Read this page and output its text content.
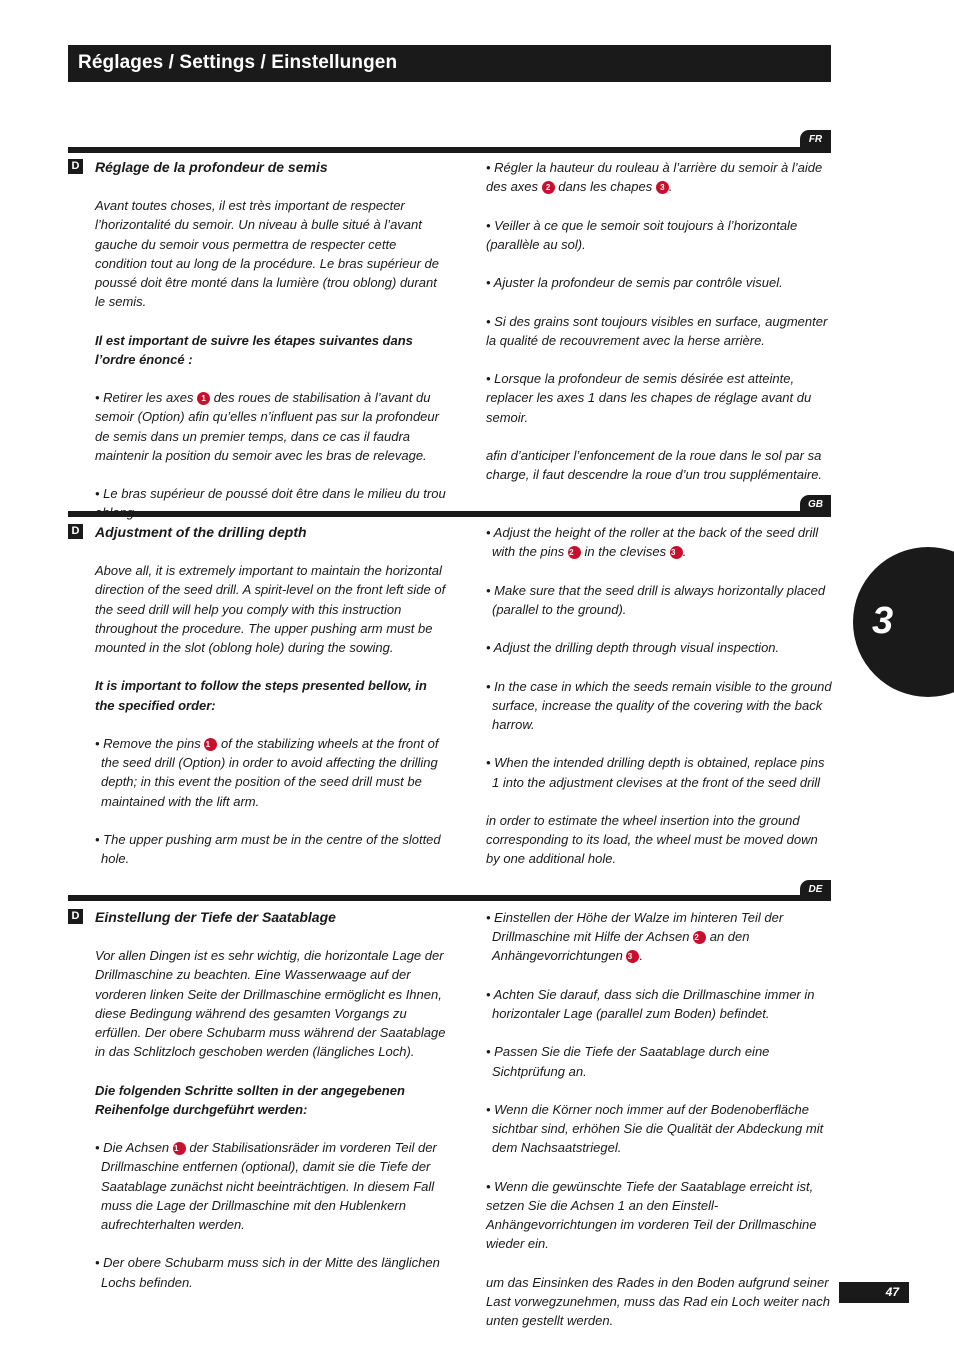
Réglages / Settings / Einstellungen
FR
D Réglage de la profondeur de semis

Avant toutes choses, il est très important de respecter l’horizontalité du semoir. Un niveau à bulle situé à l’avant gauche du semoir vous permettra de respecter cette condition tout au long de la procédure. Le bras supérieur de poussé doit être monté dans la lumière (trou oblong) durant le semis.

Il est important de suivre les étapes suivantes dans l’ordre énoncé :

• Retirer les axes 1 des roues de stabilisation à l’avant du semoir (Option) afin qu’elles n’influent pas sur la profondeur de semis dans un premier temps, dans ce cas il faudra maintenir la position du semoir avec les bras de relevage.

• Le bras supérieur de poussé doit être dans le milieu du trou

• Régler la hauteur du rouleau à l’arrière du semoir à l’aide des axes 2 dans les chapes 3 .

• Veiller à ce que le semoir soit toujours à l’horizontale (parallèle au sol).

• Ajuster la profondeur de semis par contrôle visuel.

• Si des grains sont toujours visibles en surface, augmenter la qualité de recouvrement avec la herse arrière.

• Lorsque la profondeur de semis désirée est atteinte, replacer les axes 1 dans les chapes de réglage avant du semoir.

afin d’anticiper l’enfoncement de la roue dans le sol par sa charge, il faut descendre la roue d’un trou supplémentaire.

GB
D Adjustment of the drilling depth

Above all, it is extremely important to maintain the horizontal direction of the seed drill. A spirit-level on the front left side of the seed drill will help you comply with this instruction throughout the procedure. The upper pushing arm must be mounted in the slot (oblong hole) during the sowing.

It is important to follow the steps presented bellow, in the specified order:

• Remove the pins 1 of the stabilizing wheels at the front of the seed drill (Option) in order to avoid affecting the drilling depth; in this event the position of the seed drill must be maintained with the lift arm.

• The upper pushing arm must be in the centre of the slotted hole.

• Adjust the height of the roller at the back of the seed drill with the pins 2 in the clevises 3 .

• Make sure that the seed drill is always horizontally placed (parallel to the ground).

• Adjust the drilling depth through visual inspection.

• In the case in which the seeds remain visible to the ground surface, increase the quality of the covering with the back harrow.

• When the intended drilling depth is obtained, replace pins 1 into the adjustment clevises at the front of the seed drill

in order to estimate the wheel insertion into the ground corresponding to its load, the wheel must be moved down by one additional hole.

DE
D Einstellung der Tiefe der Saatablage

Vor allen Dingen ist es sehr wichtig, die horizontale Lage der Drillmaschine zu beachten. Eine Wasserwaage auf der vorderen linken Seite der Drillmaschine ermöglicht es Ihnen, diese Bedingung während des gesamten Vorgangs zu erfüllen. Der obere Schubarm muss während der Saatablage in das Schlitzloch geschoben werden (längliches Loch).

Die folgenden Schritte sollten in der angegebenen Reihenfolge durchgeführt werden:

• Die Achsen 1 der Stabilisationsräder im vorderen Teil der Drillmaschine entfernen (optional), damit sie die Tiefe der Saatablage zunächst nicht beeinträchtigen. In diesem Fall muss die Lage der Drillmaschine mit den Hublenkern aufrechterhalten werden.

• Der obere Schubarm muss sich in der Mitte des länglichen Lochs befinden.

• Einstellen der Höhe der Walze im hinteren Teil der Drillmaschine mit Hilfe der Achsen 2 an den Anhängevorrichtungen 3 .

• Achten Sie darauf, dass sich die Drillmaschine immer in horizontaler Lage (parallel zum Boden) befindet.

• Passen Sie die Tiefe der Saatablage durch eine Sichtprüfung an.

• Wenn die Körner noch immer auf der Bodenoberfläche sichtbar sind, erhöhen Sie die Qualität der Abdeckung mit dem Nachsaatstriegel.

• Wenn die gewünschte Tiefe der Saatablage erreicht ist, setzen Sie die Achsen 1 an den Einstell-Anhängevorrichtungen im vorderen Teil der Drillmaschine wieder ein.

um das Einsinken des Rades in den Boden aufgrund seiner Last vorwegzunehmen, muss das Rad ein Loch weiter nach unten gestellt werden.

3
47
